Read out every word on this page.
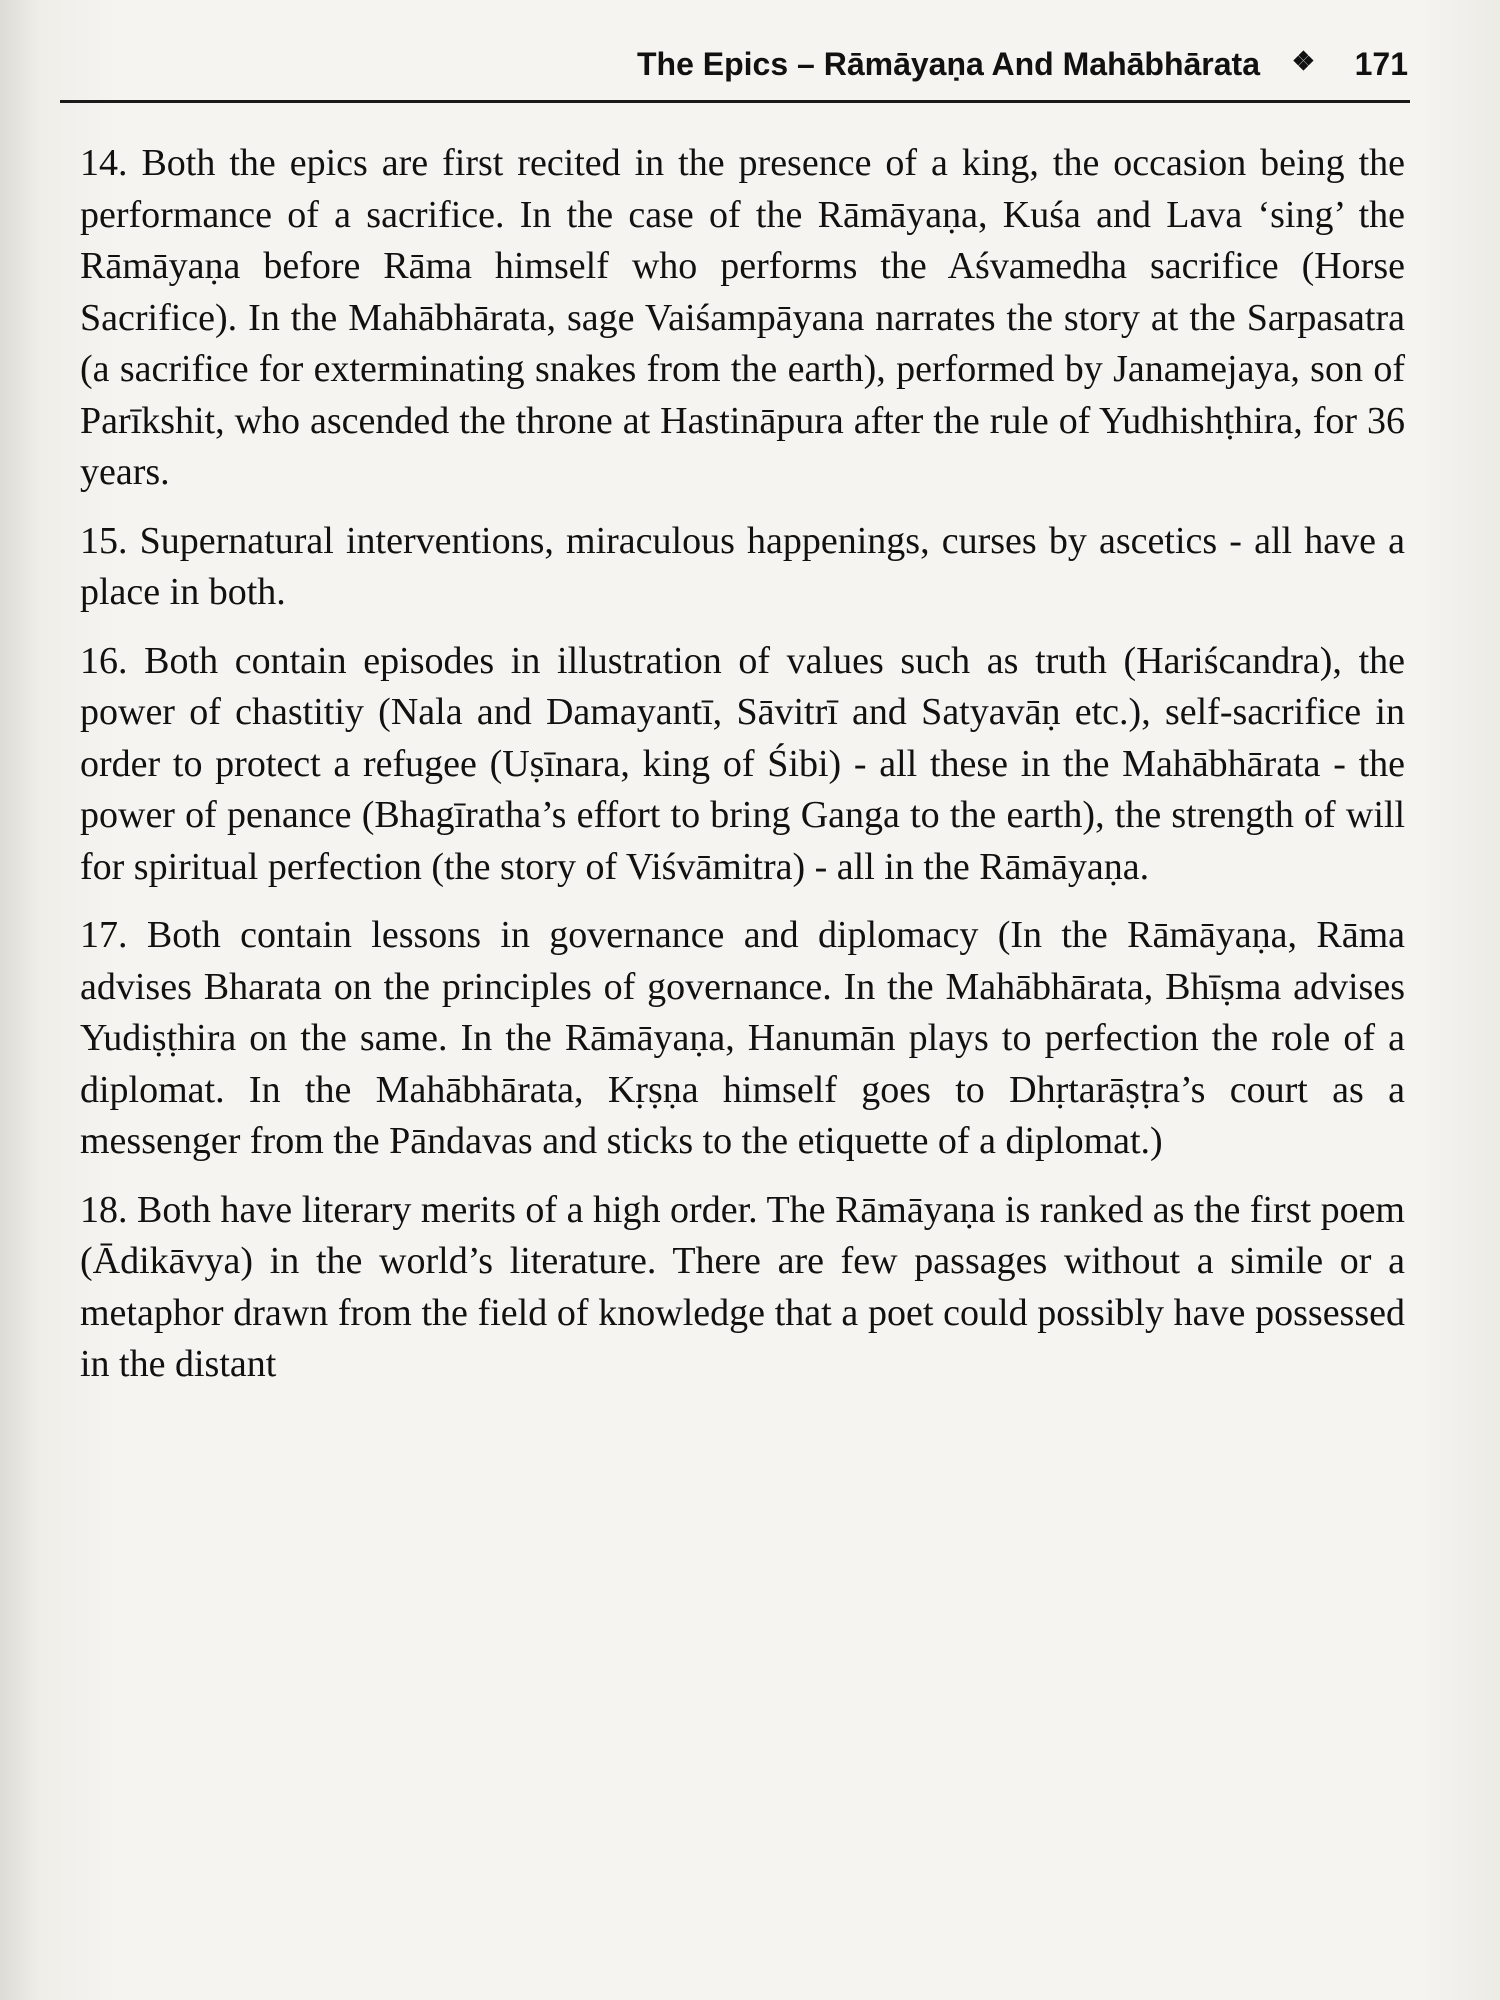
The Epics – Rāmāyaṇa And Mahābhārata ❖ 171

14. Both the epics are first recited in the presence of a king, the occasion being the performance of a sacrifice. In the case of the Rāmāyaṇa, Kuśa and Lava ‘sing’ the Rāmāyaṇa before Rāma himself who performs the Aśvamedha sacrifice (Horse Sacrifice). In the Mahābhārata, sage Vaiśampāyana narrates the story at the Sarpasatra (a sacrifice for exterminating snakes from the earth), performed by Janamejaya, son of Parīkshit, who ascended the throne at Hastināpura after the rule of Yudhishṭhira, for 36 years.

15. Supernatural interventions, miraculous happenings, curses by ascetics - all have a place in both.

16. Both contain episodes in illustration of values such as truth (Hariścandra), the power of chastitiy (Nala and Damayantī, Sāvitrī and Satyavāṇ etc.), self-sacrifice in order to protect a refugee (Uṣīnara, king of Śibi) - all these in the Mahābhārata - the power of penance (Bhagīratha’s effort to bring Ganga to the earth), the strength of will for spiritual perfection (the story of Viśvāmitra) - all in the Rāmāyaṇa.

17. Both contain lessons in governance and diplomacy (In the Rāmāyaṇa, Rāma advises Bharata on the principles of governance. In the Mahābhārata, Bhīṣma advises Yudiṣṭhira on the same. In the Rāmāyaṇa, Hanumān plays to perfection the role of a diplomat. In the Mahābhārata, Kṛṣṇa himself goes to Dhṛtarāṣṭra’s court as a messenger from the Pāndavas and sticks to the etiquette of a diplomat.)

18. Both have literary merits of a high order. The Rāmāyaṇa is ranked as the first poem (Ādikāvya) in the world’s literature. There are few passages without a simile or a metaphor drawn from the field of knowledge that a poet could possibly have possessed in the distant
